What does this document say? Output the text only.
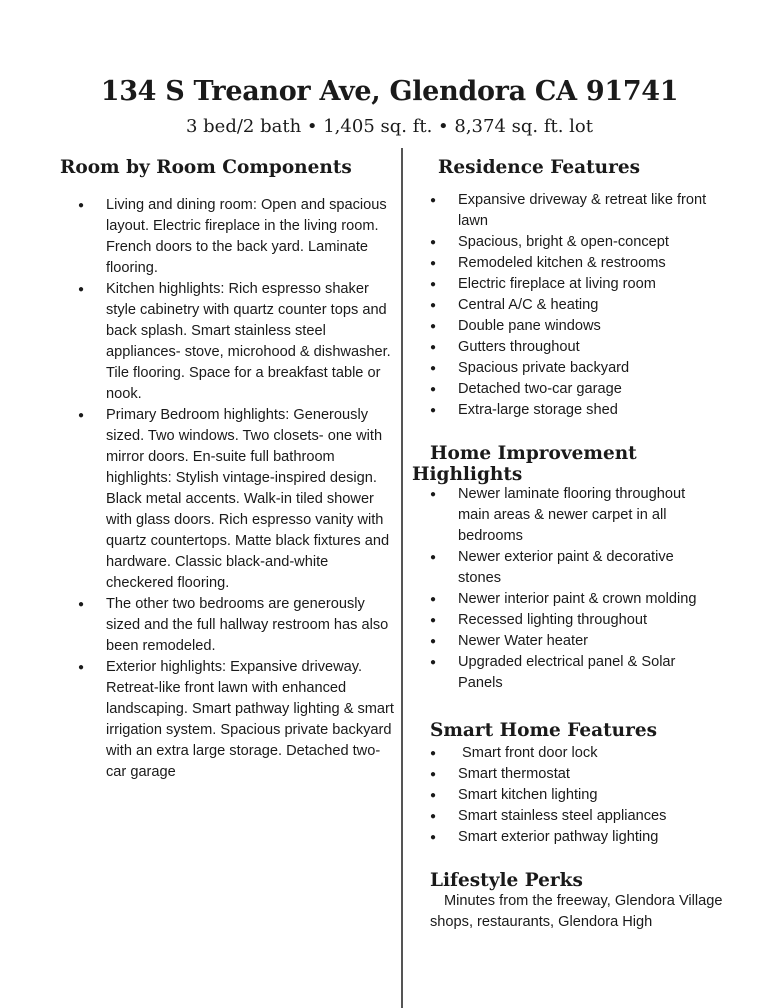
134 S Treanor Ave, Glendora CA 91741

3 bed/2 bath • 1,405 sq. ft. • 8,374 sq. ft. lot

Room by Room Components
● Living and dining room: Open and spacious layout. Electric fireplace in the living room. French doors to the back yard. Laminate flooring.
● Kitchen highlights: Rich espresso shaker style cabinetry with quartz counter tops and back splash. Smart stainless steel appliances- stove, microhood & dishwasher. Tile flooring. Space for a breakfast table or nook.
● Primary Bedroom highlights: Generously sized. Two windows. Two closets- one with mirror doors. En-suite full bathroom highlights: Stylish vintage-inspired design. Black metal accents. Walk-in tiled shower with glass doors. Rich espresso vanity with quartz countertops. Matte black fixtures and hardware. Classic black-and-white checkered flooring.
● The other two bedrooms are generously sized and the full hallway restroom has also been remodeled.
● Exterior highlights: Expansive driveway. Retreat-like front lawn with enhanced landscaping. Smart pathway lighting & smart irrigation system. Spacious private backyard with an extra large storage. Detached two-car garage
Residence Features
● Expansive driveway & retreat like front lawn
● Spacious, bright & open-concept
● Remodeled kitchen & restrooms
● Electric fireplace at living room
● Central A/C & heating
● Double pane windows
● Gutters throughout
● Spacious private backyard
● Detached two-car garage
● Extra-large storage shed
Home Improvement
Highlights
● Newer laminate flooring throughout main areas & newer carpet in all bedrooms
● Newer exterior paint & decorative stones
● Newer interior paint & crown molding
● Recessed lighting throughout
● Newer Water heater
● Upgraded electrical panel & Solar Panels
Smart Home Features
●  Smart front door lock
● Smart thermostat
● Smart kitchen lighting
● Smart stainless steel appliances
● Smart exterior pathway lighting
Lifestyle Perks

Minutes from the freeway, Glendora Village shops, restaurants, Glendora High
